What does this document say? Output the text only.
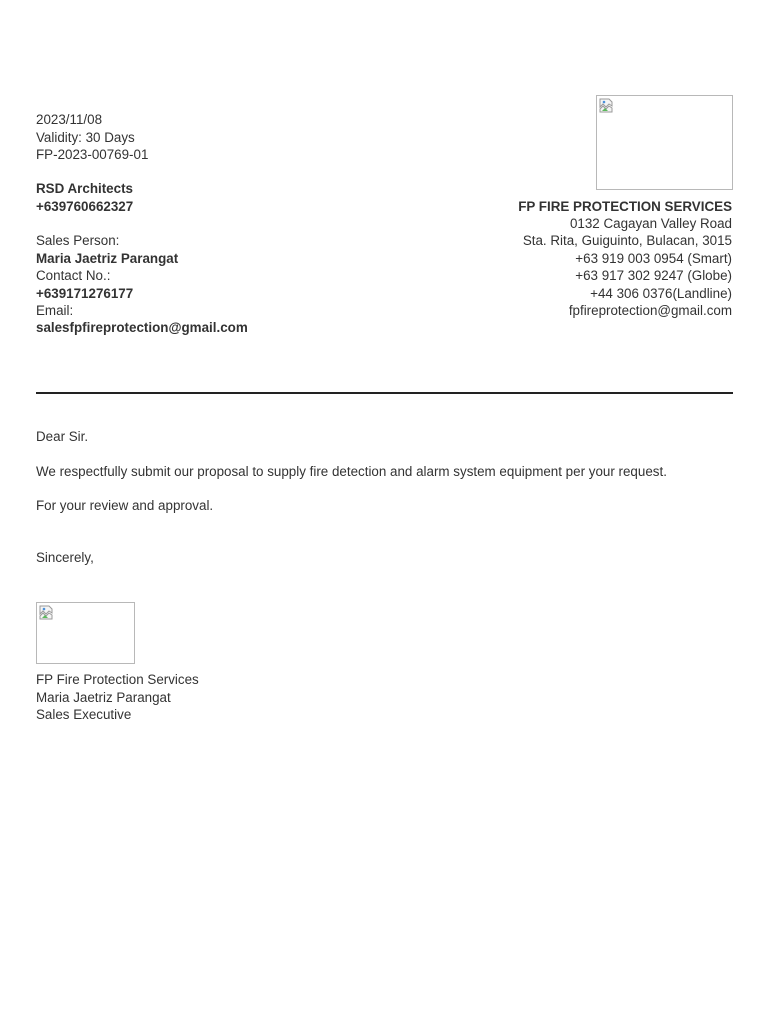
2023/11/08
Validity: 30 Days
FP-2023-00769-01
RSD Architects
+639760662327
Sales Person:
Maria Jaetriz Parangat
Contact No.:
+639171276177
Email:
salesfpfireprotection@gmail.com
FP FIRE PROTECTION SERVICES
0132 Cagayan Valley Road
Sta. Rita, Guiguinto, Bulacan, 3015
+63 919 003 0954 (Smart)
+63 917 302 9247 (Globe)
+44 306 0376(Landline)
fpfireprotection@gmail.com
Dear Sir.
We respectfully submit our proposal to supply fire detection and alarm system equipment per your request.
For your review and approval.
Sincerely,
FP Fire Protection Services
Maria Jaetriz Parangat
Sales Executive
